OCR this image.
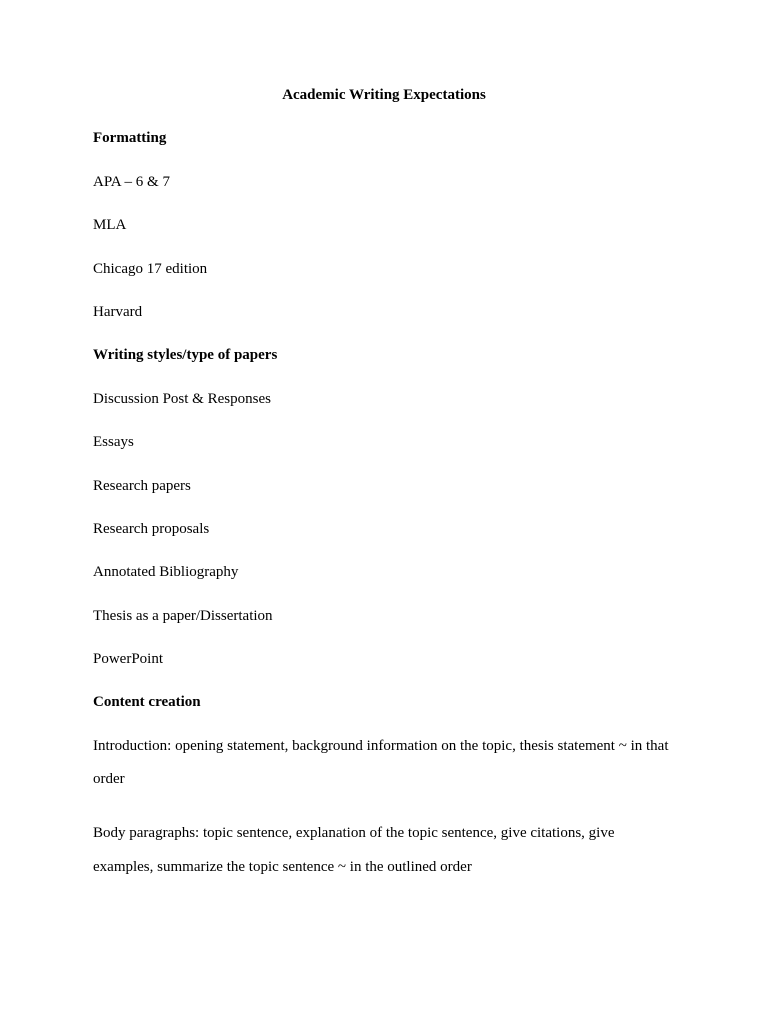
Academic Writing Expectations

Formatting

APA – 6 & 7

MLA

Chicago 17 edition

Harvard

Writing styles/type of papers

Discussion Post & Responses

Essays

Research papers

Research proposals

Annotated Bibliography

Thesis as a paper/Dissertation

PowerPoint

Content creation

Introduction: opening statement, background information on the topic, thesis statement ~ in that order

Body paragraphs: topic sentence, explanation of the topic sentence, give citations, give examples, summarize the topic sentence ~ in the outlined order
